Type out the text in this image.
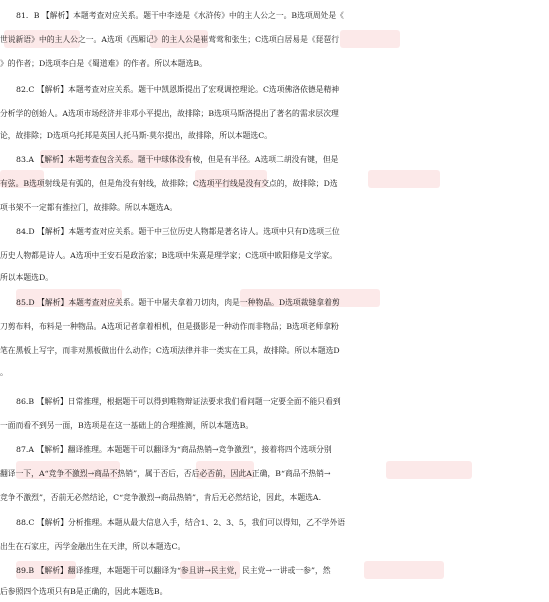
81．B 【解析】本题考查对应关系。题干中李逵是《水浒传》中的主人公之一。B选项周处是《
世说新语》中的主人公之一。A选项《西厢记》的主人公是崔莺莺和张生；C选项白居易是《琵琶行
》的作者；D选项李白是《蜀道难》的作者。所以本题选B。
82.C 【解析】本题考查对应关系。题干中凯恩斯提出了宏观调控理论。C选项佛洛依德是精神
分析学的创始人。A选项市场经济并非邓小平提出，故排除；B选项马斯洛提出了著名的需求层次理
论，故排除；D选项乌托邦是英国人托马斯·莫尔提出，故排除，所以本题选C。
83.A 【解析】本题考查包含关系。题干中球体没有棱，但是有半径。A选项二胡没有键，但是
有弦。B选项射线是有弧的，但是角没有射线，故排除；C选项平行线是没有交点的，故排除；D选
项书架不一定都有推拉门，故排除。所以本题选A。
84.D 【解析】本题考查对应关系。题干中三位历史人物都是著名诗人。选项中只有D选项三位
历史人物都是诗人。A选项中王安石是政治家；B选项中朱熹是理学家；C选项中欧阳修是文学家。
所以本题选D。
85.D 【解析】本题考查对应关系。题干中屠夫拿着刀切肉，肉是一种物品。D选项裁缝拿着剪
刀剪布料，布料是一种物品。A选项记者拿着相机，但是摄影是一种动作而非物品；B选项老师拿粉
笔在黑板上写字，而非对黑板做出什么动作；C选项法律并非一类实在工具，故排除。所以本题选D
。
86.B 【解析】日常推理，根据题干可以得到唯物辩证法要求我们看问题一定要全面不能只看到
一面而看不到另一面，B选项是在这一基础上的合理推测，所以本题选B。
87.A 【解析】翻译推理。本题题干可以翻译为“商品热销→竞争激烈”，接着将四个选项分别
翻译一下，A“竞争不激烈→商品不热销”，属于否后，否后必否前，因此A正确，B“商品不热销→
竞争不激烈”，否前无必然结论，C“竞争激烈→商品热销”，肯后无必然结论，因此，本题选A.
88.C 【解析】分析推理。本题从最大信息入手，结合1、2、3、5，我们可以得知，乙不学外语
出生在石家庄，丙学金融出生在天津，所以本题选C。
89.B 【解析】翻译推理，本题题干可以翻译为“参且讲→民主党，民主党→一讲或一参”，然
后参照四个选项只有B是正确的，因此本题选B。
